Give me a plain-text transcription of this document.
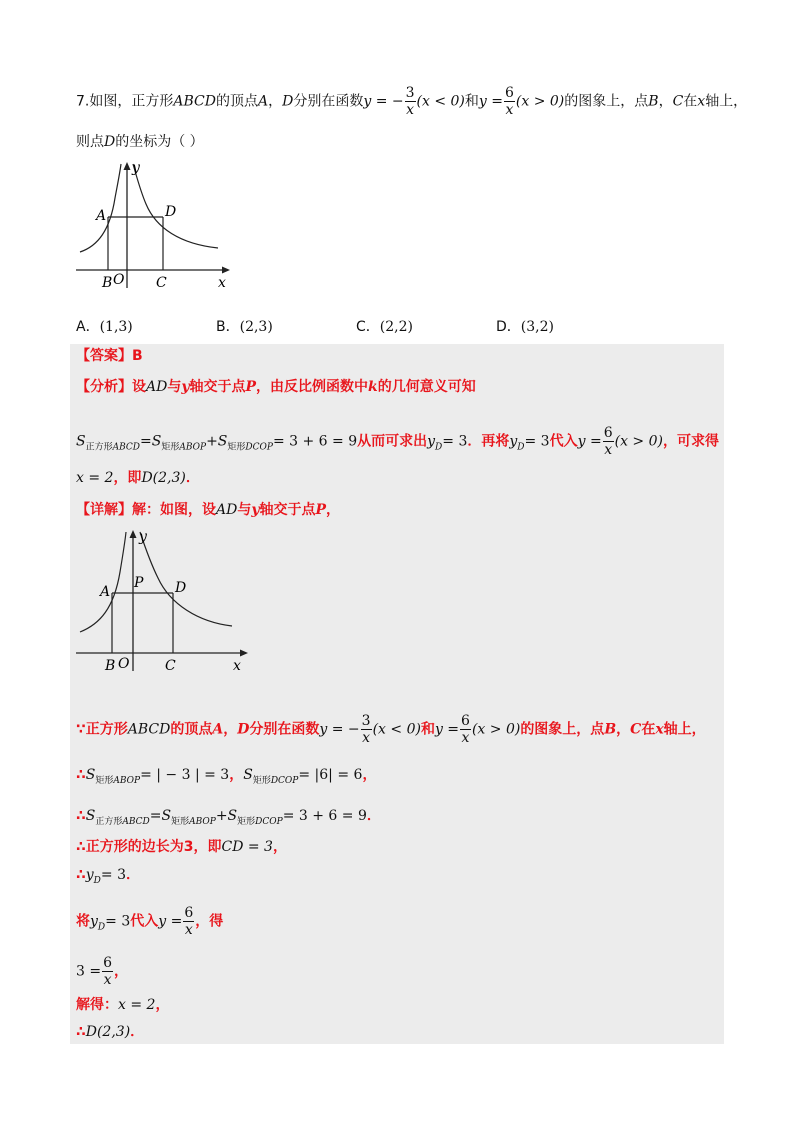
7.如图，正方形ABCD的顶点A，D分别在函数y = − $\frac{3}{x} (x < 0)$和$y = \frac{6}{x} (x > 0)$的图象上，点B，C在x轴上，
则点D的坐标为（ ）
y
A	D
B O C	x
A．(1,3)	B．(2,3)	C．(2,2)	D．(3,2)
【答案】B
【分析】设AD与y轴交于点P，由反比例函数中k的几何意义可知
$S_{正方形ABCD}=S_{矩形ABOP}+S_{矩形DCOP}= 3 + 6 = 9$从而可求出$y_D= 3$．再将$y_D= 3$代入$y = \frac{6}{x} (x > 0)$，可求得
x = 2，即D(2,3)．
【详解】解：如图，设AD与y轴交于点P，
y
A
P D
B O	C	x
∵正方形ABCD的顶点A，D分别在函数y = − $\frac{3}{x} (x < 0)$和$y = \frac{6}{x} (x > 0)$的图象上，点B，C在x轴上，
$\therefore S_{矩形ABOP}=$ | − 3 | = 3，$S_{矩形DCOP}= |6| = 6$，
$\therefore S_{正方形ABCD}=S_{矩形ABOP}+S_{矩形DCOP}= 3 + 6 = 9$．
∴正方形的边长为3，即CD = 3，
$\therefore y_D= 3$．
将$y_D= 3$代入$y = \frac{6}{x}$ ，得
$3 = \frac{6}{x}$ ，
解得：x = 2，
∴D(2,3)．
